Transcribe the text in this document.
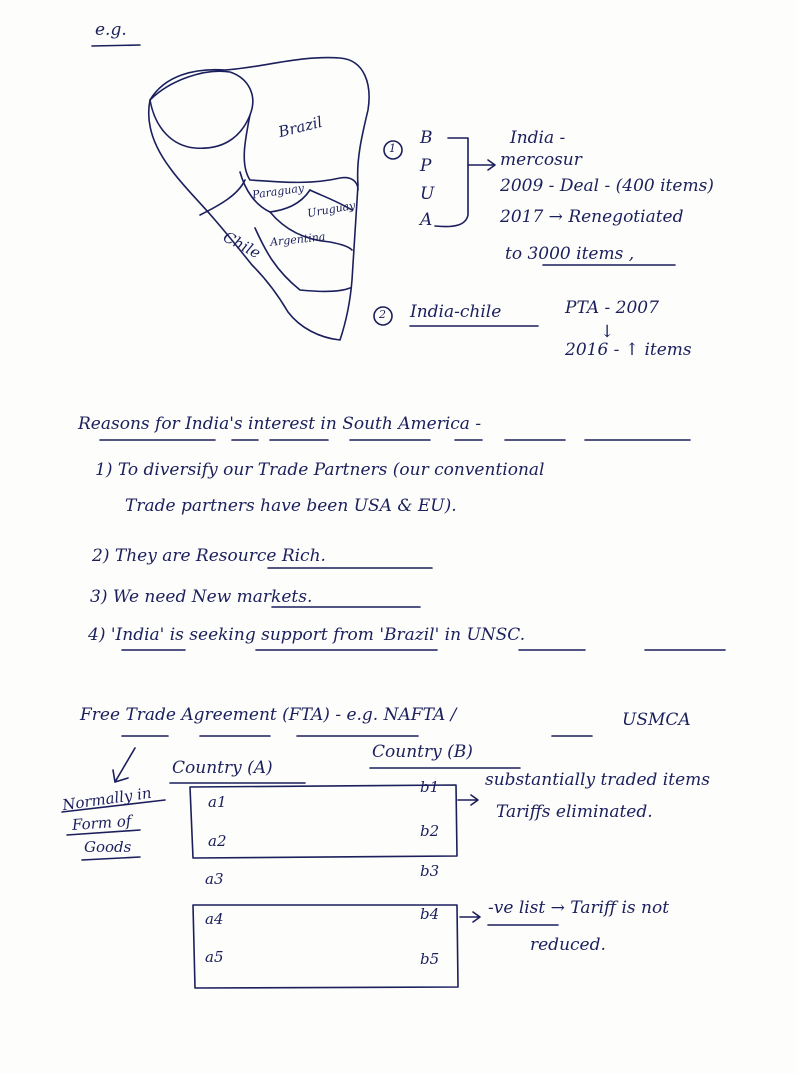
e.g.
Brazil
Paraguay
Uruguay
Argentina
Chile
1
B
P
U
A
India -
mercosur
2009 - Deal - (400 items)
2017 → Renegotiated
to 3000 items ,
2 India-chile	PTA - 2007
↓
2016 - ↑ items
Reasons for India's interest in South America -
1) To diversify our Trade Partners (our conventional
Trade partners have been USA & EU).
2) They are Resource Rich.
3) We need New markets.
4) 'India' is seeking support from 'Brazil' in UNSC.
Free Trade Agreement (FTA) - e.g. NAFTA /	USMCA
Country (A)
Country (B)
Normally in
Form of
Goods
a1
a2
a3
a4
a5
b1
b2
b3
b4
b5
substantially traded items
Tariffs eliminated.
-ve list → Tariff is not
reduced.
